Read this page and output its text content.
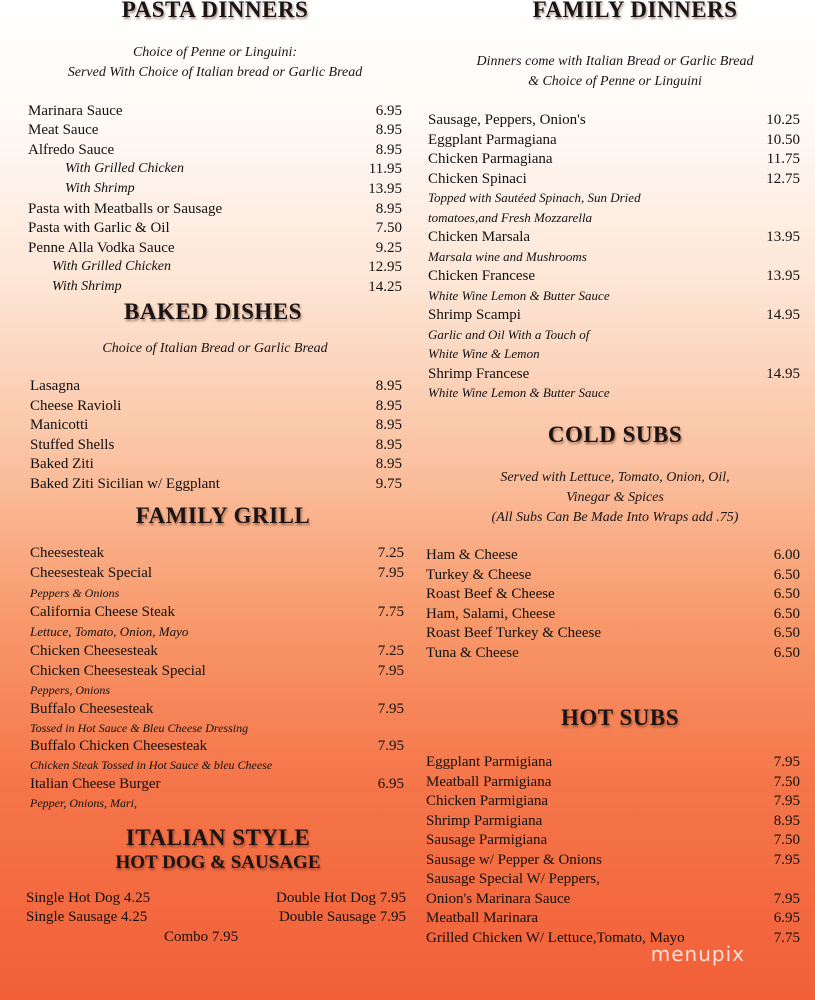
PASTA DINNERS
Choice of Penne or Linguini:
Served With Choice of Italian bread or Garlic Bread
Marinara Sauce	6.95
Meat Sauce	8.95
Alfredo Sauce	8.95
With Grilled Chicken	11.95
With Shrimp	13.95
Pasta with Meatballs or Sausage	8.95
Pasta with Garlic & Oil	7.50
Penne Alla Vodka Sauce	9.25
With Grilled Chicken	12.95
With Shrimp	14.25
BAKED DISHES
Choice of Italian Bread or Garlic Bread
Lasagna	8.95
Cheese Ravioli	8.95
Manicotti	8.95
Stuffed Shells	8.95
Baked Ziti	8.95
Baked Ziti Sicilian w/ Eggplant	9.75
FAMILY GRILL
Cheesesteak	7.25
Cheesesteak Special	7.95
Peppers & Onions
California Cheese Steak	7.75
Lettuce, Tomato, Onion, Mayo
Chicken Cheesesteak	7.25
Chicken Cheesesteak Special	7.95
Peppers, Onions
Buffalo Cheesesteak	7.95
Tossed in Hot Sauce & Bleu Cheese Dressing
Buffalo Chicken Cheesesteak	7.95
Chicken Steak Tossed in Hot Sauce & bleu Cheese
Italian Cheese Burger	6.95
Pepper, Onions, Mari,
ITALIAN STYLE
HOT DOG & SAUSAGE
Single Hot Dog 4.25	Double Hot Dog 7.95
Single Sausage 4.25	Double Sausage 7.95
Combo 7.95
FAMILY DINNERS
Dinners come with Italian Bread or Garlic Bread
& Choice of Penne or Linguini
Sausage, Peppers, Onion's	10.25
Eggplant Parmagiana	10.50
Chicken Parmagiana	11.75
Chicken Spinaci	12.75
Topped with Sautéed Spinach, Sun Dried
tomatoes,and Fresh Mozzarella
Chicken Marsala	13.95
Marsala wine and Mushrooms
Chicken Francese	13.95
White Wine Lemon & Butter Sauce
Shrimp Scampi	14.95
Garlic and Oil With a Touch of
White Wine & Lemon
Shrimp Francese	14.95
White Wine Lemon & Butter Sauce
COLD SUBS
Served with Lettuce, Tomato, Onion, Oil,
Vinegar & Spices
(All Subs Can Be Made Into Wraps add .75)
Ham & Cheese	6.00
Turkey & Cheese	6.50
Roast Beef & Cheese	6.50
Ham, Salami, Cheese	6.50
Roast Beef Turkey & Cheese	6.50
Tuna & Cheese	6.50
HOT SUBS
Eggplant Parmigiana	7.95
Meatball Parmigiana	7.50
Chicken Parmigiana	7.95
Shrimp Parmigiana	8.95
Sausage Parmigiana	7.50
Sausage w/ Pepper & Onions	7.95
Sausage Special W/ Peppers,
Onion's Marinara Sauce	7.95
Meatball Marinara	6.95
Grilled Chicken W/ Lettuce,Tomato, Mayo	7.75
menupix
